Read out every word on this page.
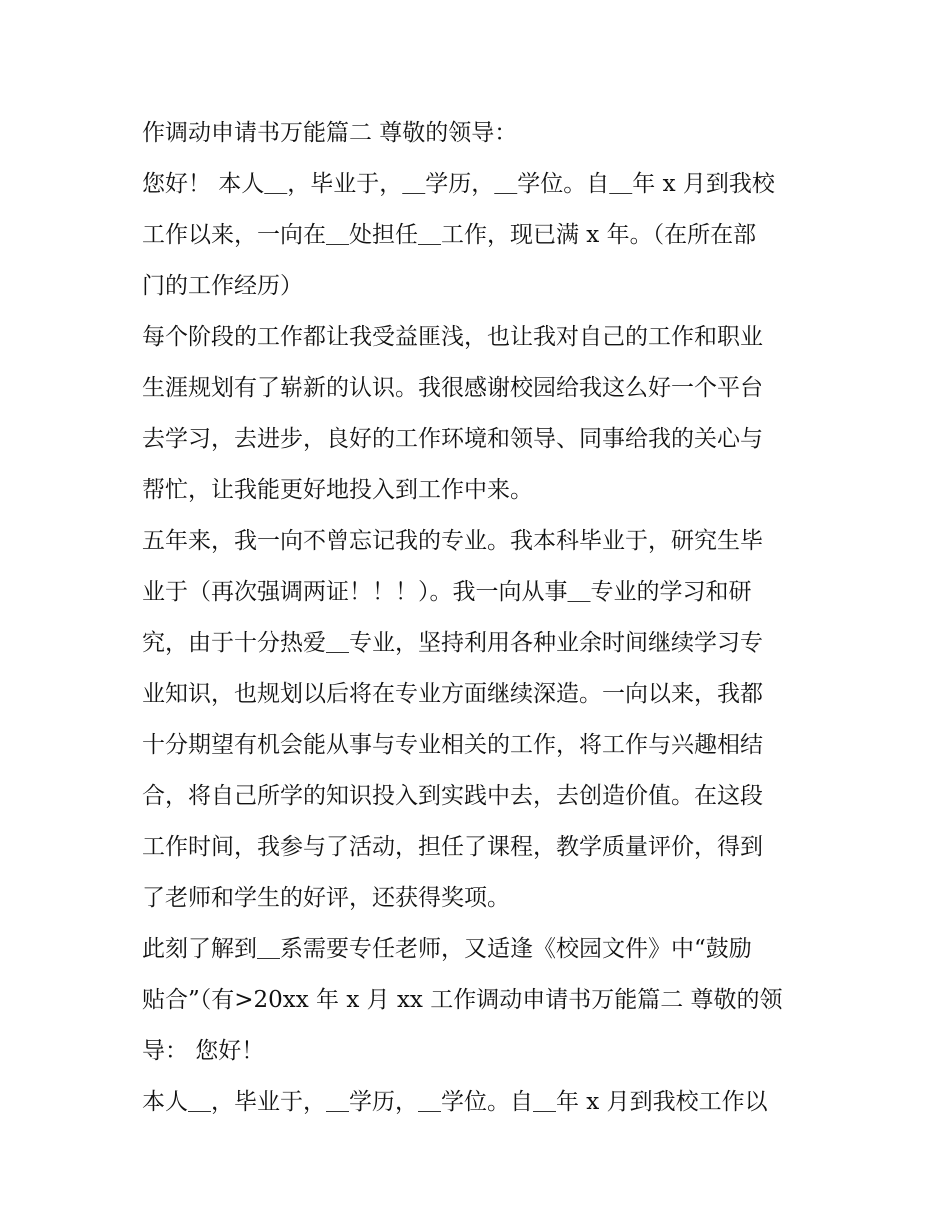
作调动申请书万能篇二 尊敬的领导：
您好！ 本人＿，毕业于，＿学历，＿学位。自＿年 x 月到我校
工作以来，一向在＿处担任＿工作，现已满 x 年。（在所在部
门的工作经历）
每个阶段的工作都让我受益匪浅，也让我对自己的工作和职业
生涯规划有了崭新的认识。我很感谢校园给我这么好一个平台
去学习，去进步，良好的工作环境和领导、同事给我的关心与
帮忙，让我能更好地投入到工作中来。
五年来，我一向不曾忘记我的专业。我本科毕业于，研究生毕
业于（再次强调两证！！！）。我一向从事＿专业的学习和研
究，由于十分热爱＿专业，坚持利用各种业余时间继续学习专
业知识，也规划以后将在专业方面继续深造。一向以来，我都
十分期望有机会能从事与专业相关的工作，将工作与兴趣相结
合，将自己所学的知识投入到实践中去，去创造价值。在这段
工作时间，我参与了活动，担任了课程，教学质量评价，得到
了老师和学生的好评，还获得奖项。
此刻了解到＿系需要专任老师，又适逢《校园文件》中“鼓励
贴合”（有>20xx 年 x 月 xx 工作调动申请书万能篇二 尊敬的领
导： 您好！
本人＿，毕业于，＿学历，＿学位。自＿年 x 月到我校工作以
